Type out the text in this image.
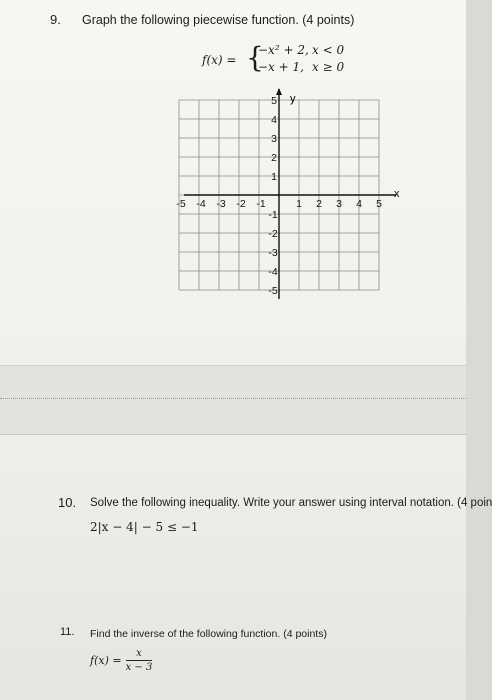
9. Graph the following piecewise function. (4 points)
f(x) = {
−x² + 2, x < 0
−x + 1, x ≥ 0
x
y
-5 -4 -3 -2 -1	1 2 3 4 5
5
4
3
2
1
-1
-2
-3
-4
-5
10. Solve the following inequality. Write your answer using interval notation. (4 poin
2|x − 4| − 5 ≤ −1
11. Find the inverse of the following function. (4 points)
$f(x) = \frac{x}{x - 3}$
